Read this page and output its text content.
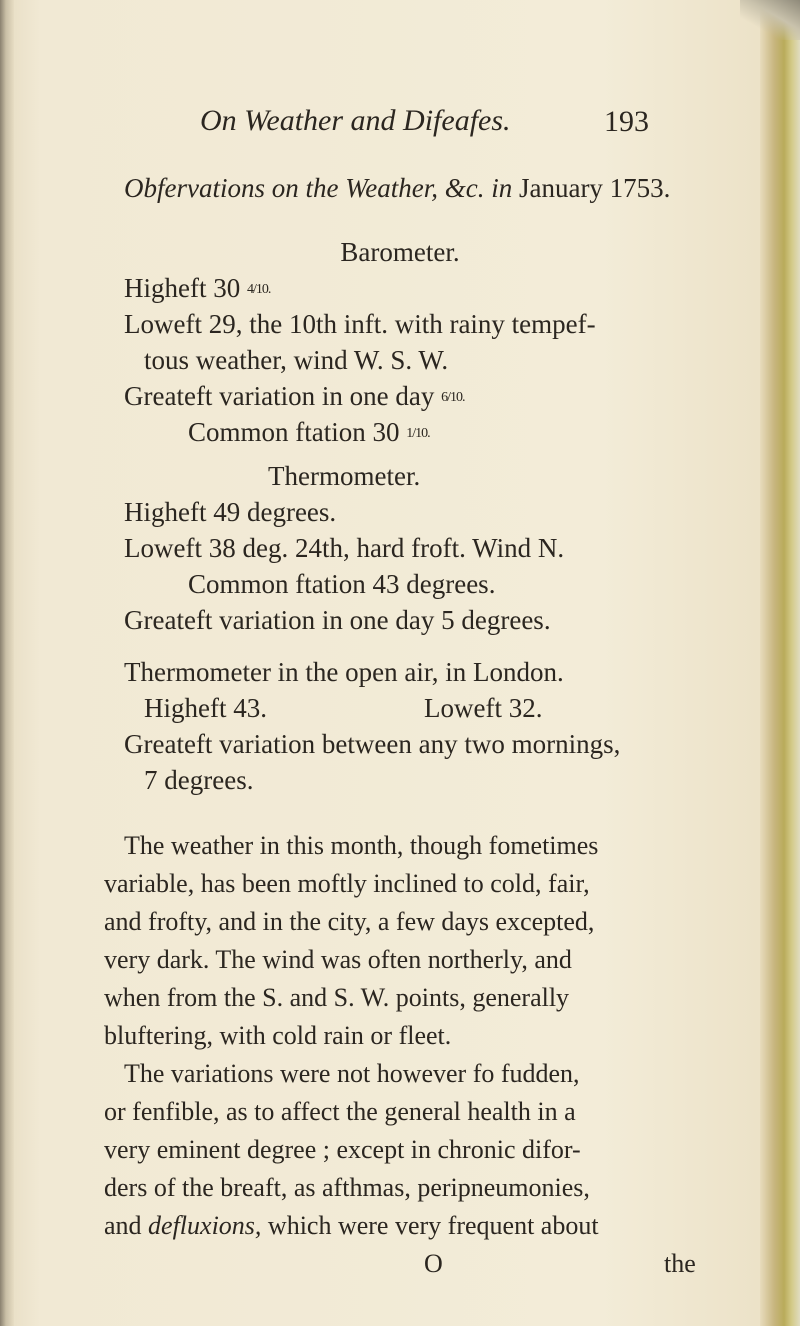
On Weather and Difeafes.	193
Obfervations on the Weather, &c. in January 1753.
Barometer.
Higheft 30 4/10.
Loweft 29, the 10th inft. with rainy tempef-
tous weather, wind W. S. W.
Greateft variation in one day 6/10.
Common ftation 30 1/10.
Thermometer.
Higheft 49 degrees.
Loweft 38 deg. 24th, hard froft. Wind N.
Common ftation 43 degrees.
Greateft variation in one day 5 degrees.
Thermometer in the open air, in London.
Higheft 43.	Loweft 32.
Greateft variation between any two mornings,
7 degrees.
The weather in this month, though fometimes
variable, has been moftly inclined to cold, fair,
and frofty, and in the city, a few days excepted,
very dark. The wind was often northerly, and
when from the S. and S. W. points, generally
bluftering, with cold rain or fleet.
The variations were not however fo fudden,
or fenfible, as to affect the general health in a
very eminent degree ; except in chronic difor-
ders of the breaft, as afthmas, peripneumonies,
and defluxions, which were very frequent about
O	the
